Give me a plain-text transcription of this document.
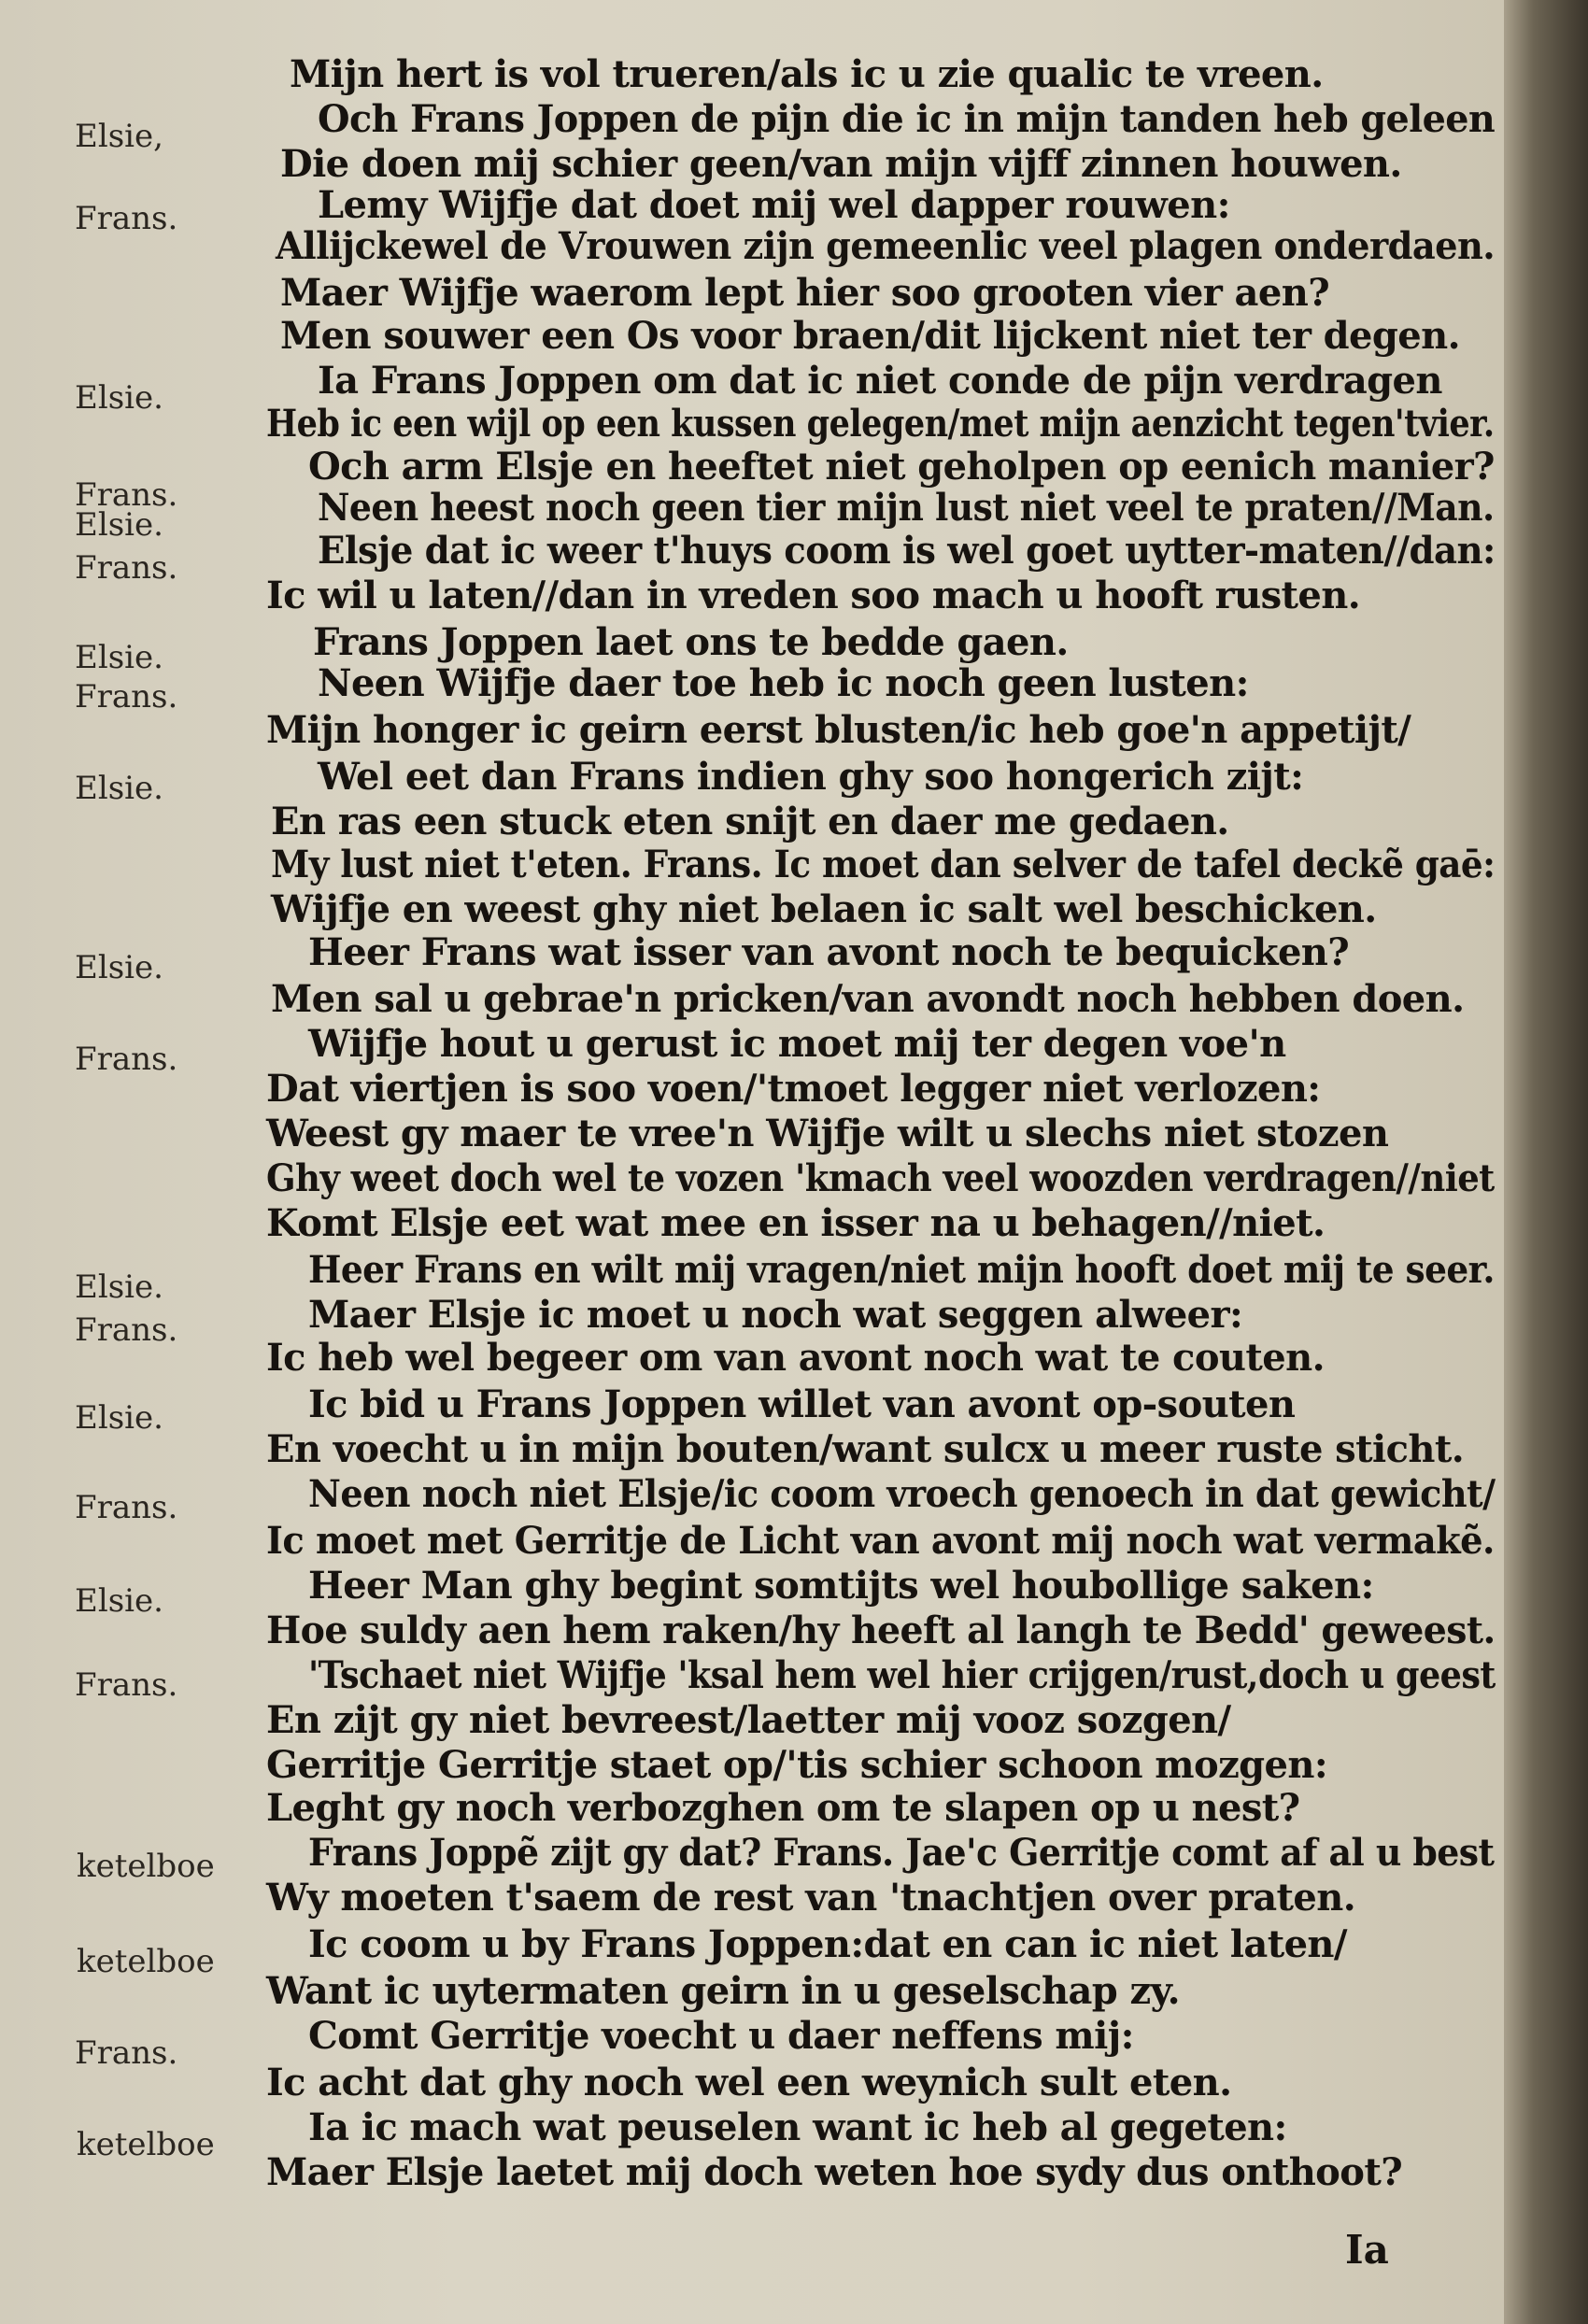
Elsie,
Frans.
Elsie.
Frans.
Elsie.
Frans.
Elsie.
Frans.
Elsie.
Elsie.
Frans.
Elsie.
Frans.
Elsie.
Frans.
Elsie.
Frans.
ketelboe
ketelboe
Frans.
ketelboe
Mijn hert is vol trueren/als ic u zie qualic te vreen.
Och Frans Joppen de pijn die ic in mijn tanden heb geleen
Die doen mij schier geen/van mijn vijff zinnen houwen.
Lemy Wijfje dat doet mij wel dapper rouwen:
Allijckewel de Vrouwen zijn gemeenlic veel plagen onderdaen.
Maer Wijfje waerom lept hier soo grooten vier aen?
Men souwer een Os voor braen/dit lijckent niet ter degen.
Ia Frans Joppen om dat ic niet conde de pijn verdragen
Heb ic een wijl op een kussen gelegen/met mijn aenzicht tegen'tvier.
Och arm Elsje en heeftet niet geholpen op eenich manier?
Neen heest noch geen tier mijn lust niet veel te praten//Man.
Elsje dat ic weer t'huys coom is wel goet uytter-maten//dan:
Ic wil u laten//dan in vreden soo mach u hooft rusten.
Frans Joppen laet ons te bedde gaen.
Neen Wijfje daer toe heb ic noch geen lusten:
Mijn honger ic geirn eerst blusten/ic heb goe'n appetijt/
Wel eet dan Frans indien ghy soo hongerich zijt:
En ras een stuck eten snijt en daer me gedaen.
My lust niet t'eten. Frans. Ic moet dan selver de tafel deckẽ gaē:
Wijfje en weest ghy niet belaen ic salt wel beschicken.
Heer Frans wat isser van avont noch te bequicken?
Men sal u gebrae'n pricken/van avondt noch hebben doen.
Wijfje hout u gerust ic moet mij ter degen voe'n
Dat viertjen is soo voen/'tmoet legger niet verlozen:
Weest gy maer te vree'n Wijfje wilt u slechs niet stozen
Ghy weet doch wel te vozen 'kmach veel woozden verdragen//niet
Komt Elsje eet wat mee en isser na u behagen//niet.
Heer Frans en wilt mij vragen/niet mijn hooft doet mij te seer.
Maer Elsje ic moet u noch wat seggen alweer:
Ic heb wel begeer om van avont noch wat te couten.
Ic bid u Frans Joppen willet van avont op-souten
En voecht u in mijn bouten/want sulcx u meer ruste sticht.
Neen noch niet Elsje/ic coom vroech genoech in dat gewicht/
Ic moet met Gerritje de Licht van avont mij noch wat vermakẽ.
Heer Man ghy begint somtijts wel houbollige saken:
Hoe suldy aen hem raken/hy heeft al langh te Bedd' geweest.
'Tschaet niet Wijfje 'ksal hem wel hier crijgen/rust,doch u geest
En zijt gy niet bevreest/laetter mij vooz sozgen/
Gerritje Gerritje staet op/'tis schier schoon mozgen:
Leght gy noch verbozghen om te slapen op u nest?
Frans Joppẽ zijt gy dat? Frans. Jae'c Gerritje comt af al u best
Wy moeten t'saem de rest van 'tnachtjen over praten.
Ic coom u by Frans Joppen:dat en can ic niet laten/
Want ic uytermaten geirn in u geselschap zy.
Comt Gerritje voecht u daer neffens mij:
Ic acht dat ghy noch wel een weynich sult eten.
Ia ic mach wat peuselen want ic heb al gegeten:
Maer Elsje laetet mij doch weten hoe sydy dus onthoot?
Ia
